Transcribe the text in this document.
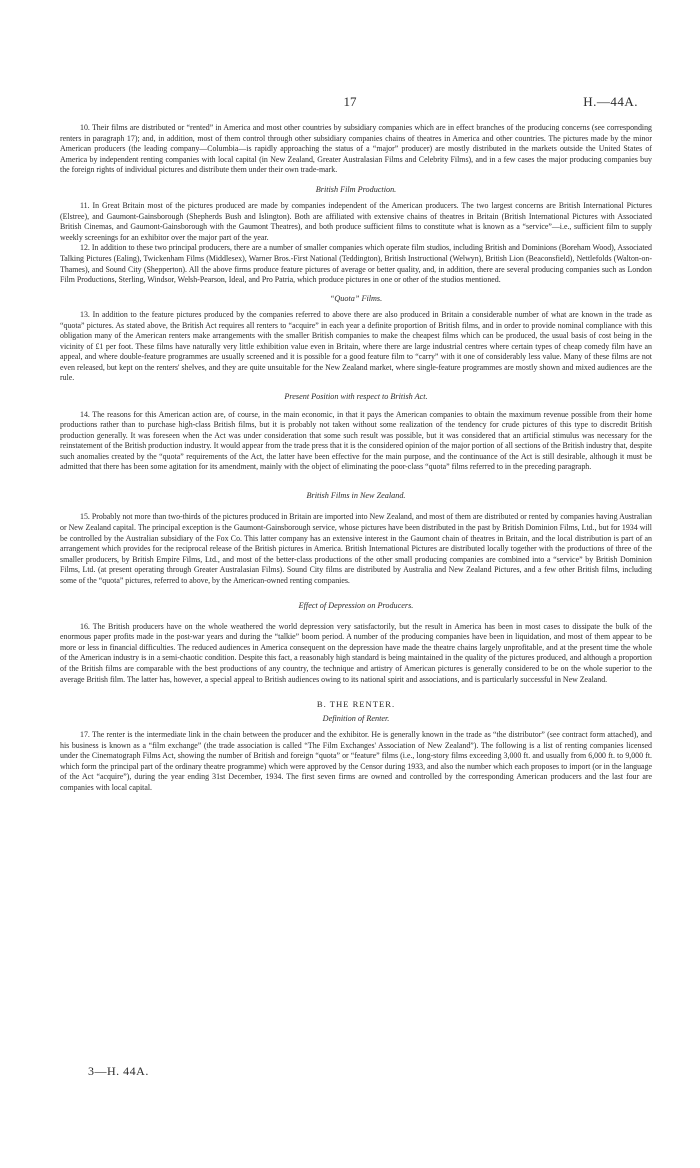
17	H.—44A.

10. Their films are distributed or “rented” in America and most other countries by subsidiary companies which are in effect branches of the producing concerns (see corresponding renters in paragraph 17); and, in addition, most of them control through other subsidiary companies chains of theatres in America and other countries. The pictures made by the minor American producers (the leading company—Columbia—is rapidly approaching the status of a “major” producer) are mostly distributed in the markets outside the United States of America by independent renting companies with local capital (in New Zealand, Greater Australasian Films and Celebrity Films), and in a few cases the major producing companies buy the foreign rights of individual pictures and distribute them under their own trade-mark.

British Film Production.

11. In Great Britain most of the pictures produced are made by companies independent of the American producers. The two largest concerns are British International Pictures (Elstree), and Gaumont-Gainsborough (Shepherds Bush and Islington). Both are affiliated with extensive chains of theatres in Britain (British International Pictures with Associated British Cinemas, and Gaumont-Gainsborough with the Gaumont Theatres), and both produce sufficient films to constitute what is known as a “service”—i.e., sufficient film to supply weekly screenings for an exhibitor over the major part of the year.

12. In addition to these two principal producers, there are a number of smaller companies which operate film studios, including British and Dominions (Boreham Wood), Associated Talking Pictures (Ealing), Twickenham Films (Middlesex), Warner Bros.-First National (Teddington), British Instructional (Welwyn), British Lion (Beaconsfield), Nettlefolds (Walton-on-Thames), and Sound City (Shepperton). All the above firms produce feature pictures of average or better quality, and, in addition, there are several producing companies such as London Film Productions, Sterling, Windsor, Welsh-Pearson, Ideal, and Pro Patria, which produce pictures in one or other of the studios mentioned.

“Quota” Films.

13. In addition to the feature pictures produced by the companies referred to above there are also produced in Britain a considerable number of what are known in the trade as “quota” pictures. As stated above, the British Act requires all renters to “acquire” in each year a definite proportion of British films, and in order to provide nominal compliance with this obligation many of the American renters make arrangements with the smaller British companies to make the cheapest films which can be produced, the usual basis of cost being in the vicinity of £1 per foot. These films have naturally very little exhibition value even in Britain, where there are large industrial centres where certain types of cheap comedy film have an appeal, and where double-feature programmes are usually screened and it is possible for a good feature film to “carry” with it one of considerably less value. Many of these films are not even released, but kept on the renters' shelves, and they are quite unsuitable for the New Zealand market, where single-feature programmes are mostly shown and mixed audiences are the rule.

Present Position with respect to British Act.

14. The reasons for this American action are, of course, in the main economic, in that it pays the American companies to obtain the maximum revenue possible from their home productions rather than to purchase high-class British films, but it is probably not taken without some realization of the tendency for crude pictures of this type to discredit British production generally. It was foreseen when the Act was under consideration that some such result was possible, but it was considered that an artificial stimulus was necessary for the reinstatement of the British production industry. It would appear from the trade press that it is the considered opinion of the major portion of all sections of the British industry that, despite such anomalies created by the “quota” requirements of the Act, the latter have been effective for the main purpose, and the continuance of the Act is still desirable, although it must be admitted that there has been some agitation for its amendment, mainly with the object of eliminating the poor-class “quota” films referred to in the preceding paragraph.

British Films in New Zealand.

15. Probably not more than two-thirds of the pictures produced in Britain are imported into New Zealand, and most of them are distributed or rented by companies having Australian or New Zealand capital. The principal exception is the Gaumont-Gainsborough service, whose pictures have been distributed in the past by British Dominion Films, Ltd., but for 1934 will be controlled by the Australian subsidiary of the Fox Co. This latter company has an extensive interest in the Gaumont chain of theatres in Britain, and the local distribution is part of an arrangement which provides for the reciprocal release of the British pictures in America. British International Pictures are distributed locally together with the productions of three of the smaller producers, by British Empire Films, Ltd., and most of the better-class productions of the other small producing companies are combined into a “service” by British Dominion Films, Ltd. (at present operating through Greater Australasian Films). Sound City films are distributed by Australia and New Zealand Pictures, and a few other British films, including some of the “quota” pictures, referred to above, by the American-owned renting companies.

Effect of Depression on Producers.

16. The British producers have on the whole weathered the world depression very satisfactorily, but the result in America has been in most cases to dissipate the bulk of the enormous paper profits made in the post-war years and during the “talkie” boom period. A number of the producing companies have been in liquidation, and most of them appear to be more or less in financial difficulties. The reduced audiences in America consequent on the depression have made the theatre chains largely unprofitable, and at the present time the whole of the American industry is in a semi-chaotic condition. Despite this fact, a reasonably high standard is being maintained in the quality of the pictures produced, and although a proportion of the British films are comparable with the best productions of any country, the technique and artistry of American pictures is generally considered to be on the whole superior to the average British film. The latter has, however, a special appeal to British audiences owing to its national spirit and associations, and is particularly successful in New Zealand.

B. THE RENTER.
Definition of Renter.

17. The renter is the intermediate link in the chain between the producer and the exhibitor. He is generally known in the trade as “the distributor” (see contract form attached), and his business is known as a “film exchange” (the trade association is called “The Film Exchanges' Association of New Zealand”). The following is a list of renting companies licensed under the Cinematograph Films Act, showing the number of British and foreign “quota” or “feature” films (i.e., long-story films exceeding 3,000 ft. and usually from 6,000 ft. to 9,000 ft. which form the principal part of the ordinary theatre programme) which were approved by the Censor during 1933, and also the number which each proposes to import (or in the language of the Act “acquire”), during the year ending 31st December, 1934. The first seven firms are owned and controlled by the corresponding American producers and the last four are companies with local capital.

3—H. 44A.
